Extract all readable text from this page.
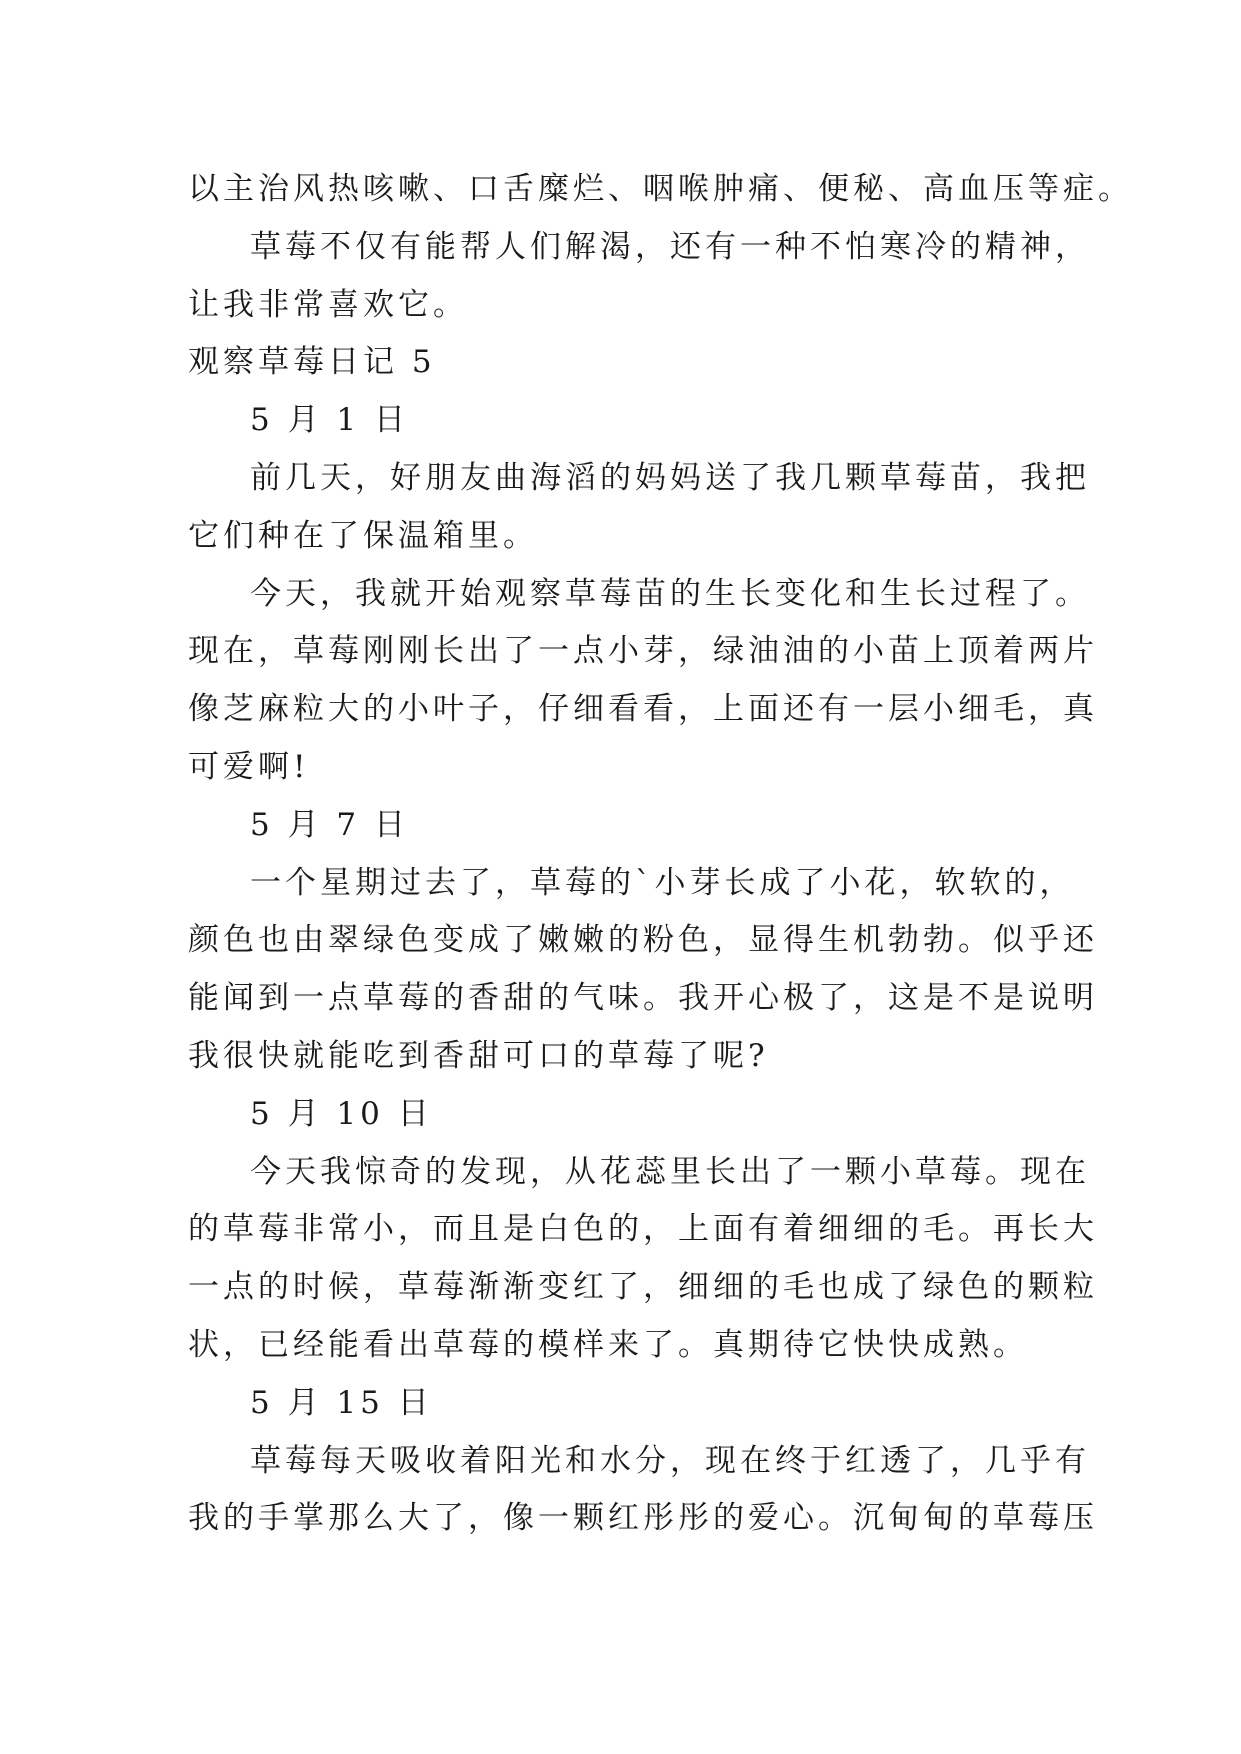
以主治风热咳嗽、口舌糜烂、咽喉肿痛、便秘、高血压等症。
草莓不仅有能帮人们解渴，还有一种不怕寒冷的精神，
让我非常喜欢它。
观察草莓日记 5
5 月 1 日
前几天，好朋友曲海滔的妈妈送了我几颗草莓苗，我把
它们种在了保温箱里。
今天，我就开始观察草莓苗的生长变化和生长过程了。
现在，草莓刚刚长出了一点小芽，绿油油的小苗上顶着两片
像芝麻粒大的小叶子，仔细看看，上面还有一层小细毛，真
可爱啊!
5 月 7 日
一个星期过去了，草莓的`小芽长成了小花，软软的，
颜色也由翠绿色变成了嫩嫩的粉色，显得生机勃勃。似乎还
能闻到一点草莓的香甜的气味。我开心极了，这是不是说明
我很快就能吃到香甜可口的草莓了呢?
5 月 10 日
今天我惊奇的发现，从花蕊里长出了一颗小草莓。现在
的草莓非常小，而且是白色的，上面有着细细的毛。再长大
一点的时候，草莓渐渐变红了，细细的毛也成了绿色的颗粒
状，已经能看出草莓的模样来了。真期待它快快成熟。
5 月 15 日
草莓每天吸收着阳光和水分，现在终于红透了，几乎有
我的手掌那么大了，像一颗红彤彤的爱心。沉甸甸的草莓压
